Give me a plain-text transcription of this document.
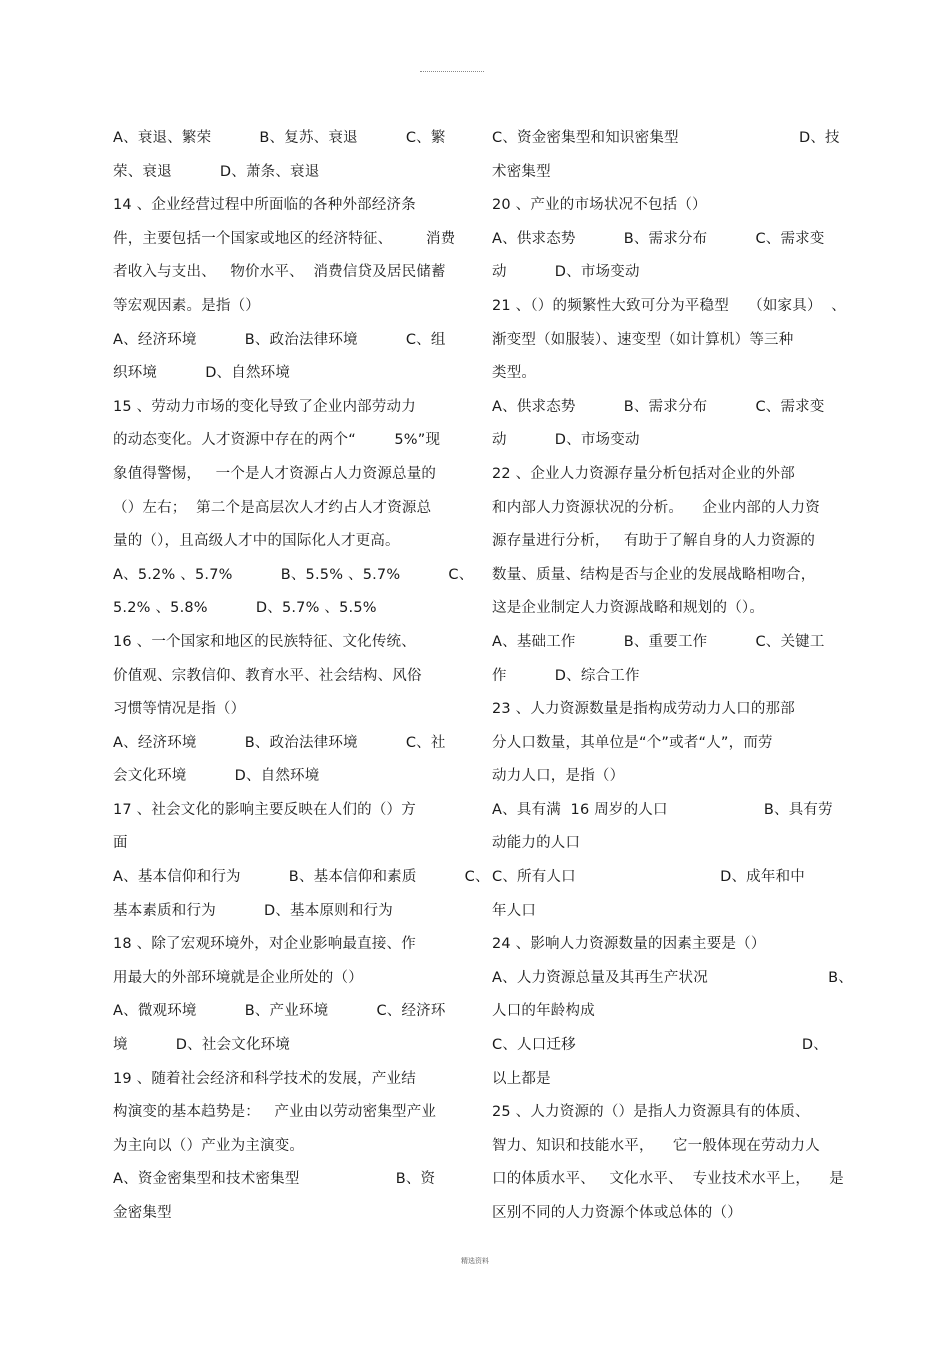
A、衰退、繁荣          B、复苏、衰退          C、繁
荣、衰退          D、萧条、衰退
14 、企业经营过程中所面临的各种外部经济条
件，主要包括一个国家或地区的经济特征、       消费
者收入与支出、   物价水平、  消费信贷及居民储蓄
等宏观因素。是指（）
A、经济环境          B、政治法律环境          C、组
织环境          D、自然环境
15 、劳动力市场的变化导致了企业内部劳动力
的动态变化。人才资源中存在的两个“        5%”现
象值得警惕，   一个是人才资源占人力资源总量的
（）左右；  第二个是高层次人才约占人才资源总
量的（），且高级人才中的国际化人才更高。
A、5.2% 、5.7%          B、5.5% 、5.7%          C、
5.2% 、5.8%          D、5.7% 、5.5%
16 、一个国家和地区的民族特征、文化传统、
价值观、宗教信仰、教育水平、社会结构、风俗
习惯等情况是指（）
A、经济环境          B、政治法律环境          C、社
会文化环境          D、自然环境
17 、社会文化的影响主要反映在人们的（）方
面
A、基本信仰和行为          B、基本信仰和素质          C、
基本素质和行为          D、基本原则和行为
18 、除了宏观环境外，对企业影响最直接、作
用最大的外部环境就是企业所处的（）
A、微观环境          B、产业环境          C、经济环
境          D、社会文化环境
19 、随着社会经济和科学技术的发展，产业结
构演变的基本趋势是：   产业由以劳动密集型产业
为主向以（）产业为主演变。
A、资金密集型和技术密集型                    B、资
金密集型
C、资金密集型和知识密集型                         D、技
术密集型
20 、产业的市场状况不包括（）
A、供求态势          B、需求分布          C、需求变
动          D、市场变动
21 、（）的频繁性大致可分为平稳型    （如家具）  、
渐变型（如服装）、速变型（如计算机）等三种
类型。
A、供求态势          B、需求分布          C、需求变
动          D、市场变动
22 、企业人力资源存量分析包括对企业的外部
和内部人力资源状况的分析。    企业内部的人力资
源存量进行分析，   有助于了解自身的人力资源的
数量、质量、结构是否与企业的发展战略相吻合，
这是企业制定人力资源战略和规划的（）。
A、基础工作          B、重要工作          C、关键工
作          D、综合工作
23 、人力资源数量是指构成劳动力人口的那部
分人口数量，其单位是“个”或者“人”，而劳
动力人口，是指（）
A、具有满  16 周岁的人口                    B、具有劳
动能力的人口
C、所有人口                              D、成年和中
年人口
24 、影响人力资源数量的因素主要是（）
A、人力资源总量及其再生产状况                         B、
人口的年龄构成
C、人口迁移                                               D、
以上都是
25 、人力资源的（）是指人力资源具有的体质、
智力、知识和技能水平，    它一般体现在劳动力人
口的体质水平、   文化水平、  专业技术水平上，    是
区别不同的人力资源个体或总体的（）
精选资料
